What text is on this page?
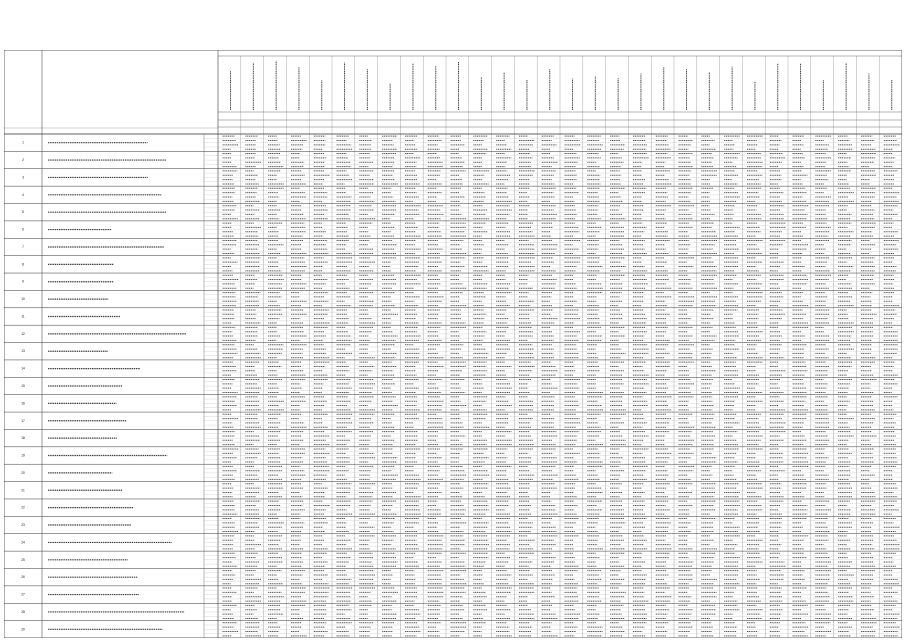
1
2
3
4
5
6
7
8
9
10
11
12
13
14
15
16
17
18
19
20
21
22
23
24
25
26
27
28
29
